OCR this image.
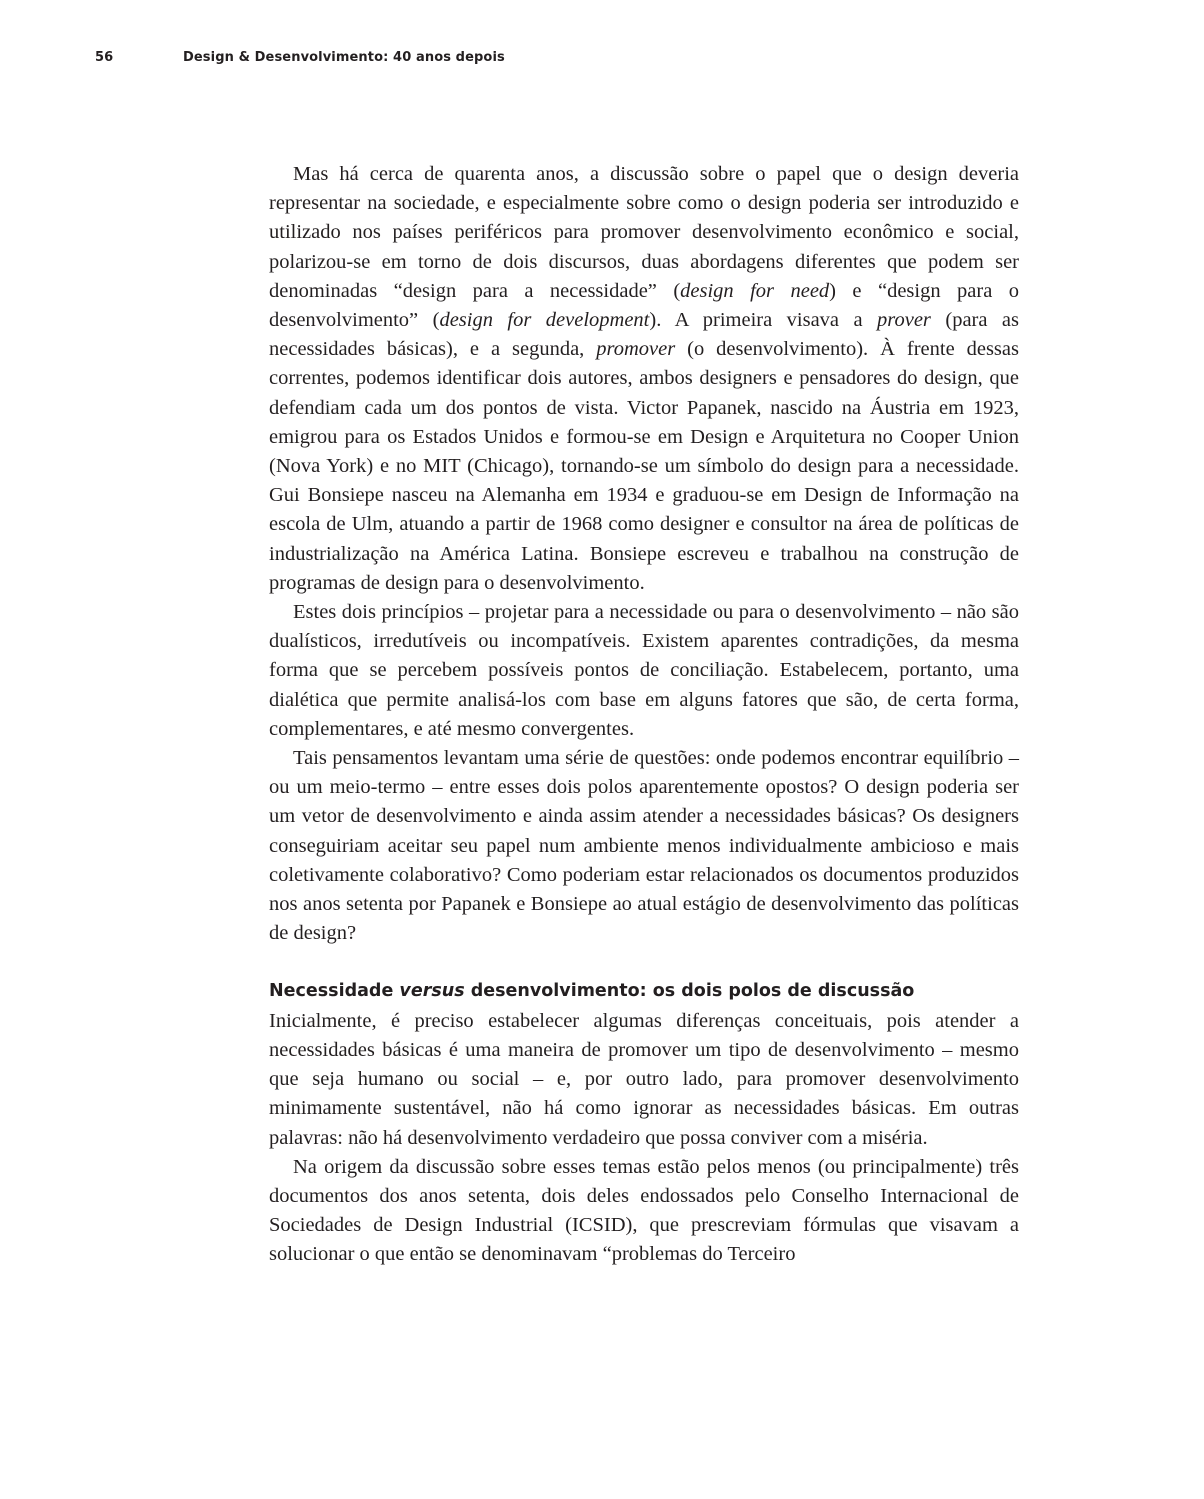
56	Design & Desenvolvimento: 40 anos depois

Mas há cerca de quarenta anos, a discussão sobre o papel que o design deveria representar na sociedade, e especialmente sobre como o design poderia ser introduzido e utilizado nos países periféricos para promover desenvolvimento econômico e social, polarizou-se em torno de dois discursos, duas abordagens diferentes que podem ser denominadas “design para a necessidade” (design for need) e “design para o desenvolvimento” (design for development). A primeira visava a prover (para as necessidades básicas), e a segunda, promover (o desenvolvimento). À frente dessas correntes, podemos identificar dois autores, ambos designers e pensadores do design, que defendiam cada um dos pontos de vista. Victor Papanek, nascido na Áustria em 1923, emigrou para os Estados Unidos e formou-se em Design e Arquitetura no Cooper Union (Nova York) e no MIT (Chicago), tornando-se um símbolo do design para a necessidade. Gui Bonsiepe nasceu na Alemanha em 1934 e graduou-se em Design de Informação na escola de Ulm, atuando a partir de 1968 como designer e consultor na área de políticas de industrialização na América Latina. Bonsiepe escreveu e trabalhou na construção de programas de design para o desenvolvimento.

Estes dois princípios – projetar para a necessidade ou para o desenvolvimento – não são dualísticos, irredutíveis ou incompatíveis. Existem aparentes contradições, da mesma forma que se percebem possíveis pontos de conciliação. Estabelecem, portanto, uma dialética que permite analisá-los com base em alguns fatores que são, de certa forma, complementares, e até mesmo convergentes.

Tais pensamentos levantam uma série de questões: onde podemos encontrar equilíbrio – ou um meio-termo – entre esses dois polos aparentemente opostos? O design poderia ser um vetor de desenvolvimento e ainda assim atender a necessidades básicas? Os designers conseguiriam aceitar seu papel num ambiente menos individualmente ambicioso e mais coletivamente colaborativo? Como poderiam estar relacionados os documentos produzidos nos anos setenta por Papanek e Bonsiepe ao atual estágio de desenvolvimento das políticas de design?

Necessidade versus desenvolvimento: os dois polos de discussão

Inicialmente, é preciso estabelecer algumas diferenças conceituais, pois atender a necessidades básicas é uma maneira de promover um tipo de desenvolvimento – mesmo que seja humano ou social – e, por outro lado, para promover desenvolvimento minimamente sustentável, não há como ignorar as necessidades básicas. Em outras palavras: não há desenvolvimento verdadeiro que possa conviver com a miséria.

Na origem da discussão sobre esses temas estão pelos menos (ou principalmente) três documentos dos anos setenta, dois deles endossados pelo Conselho Internacional de Sociedades de Design Industrial (ICSID), que prescreviam fórmulas que visavam a solucionar o que então se denominavam “problemas do Terceiro
